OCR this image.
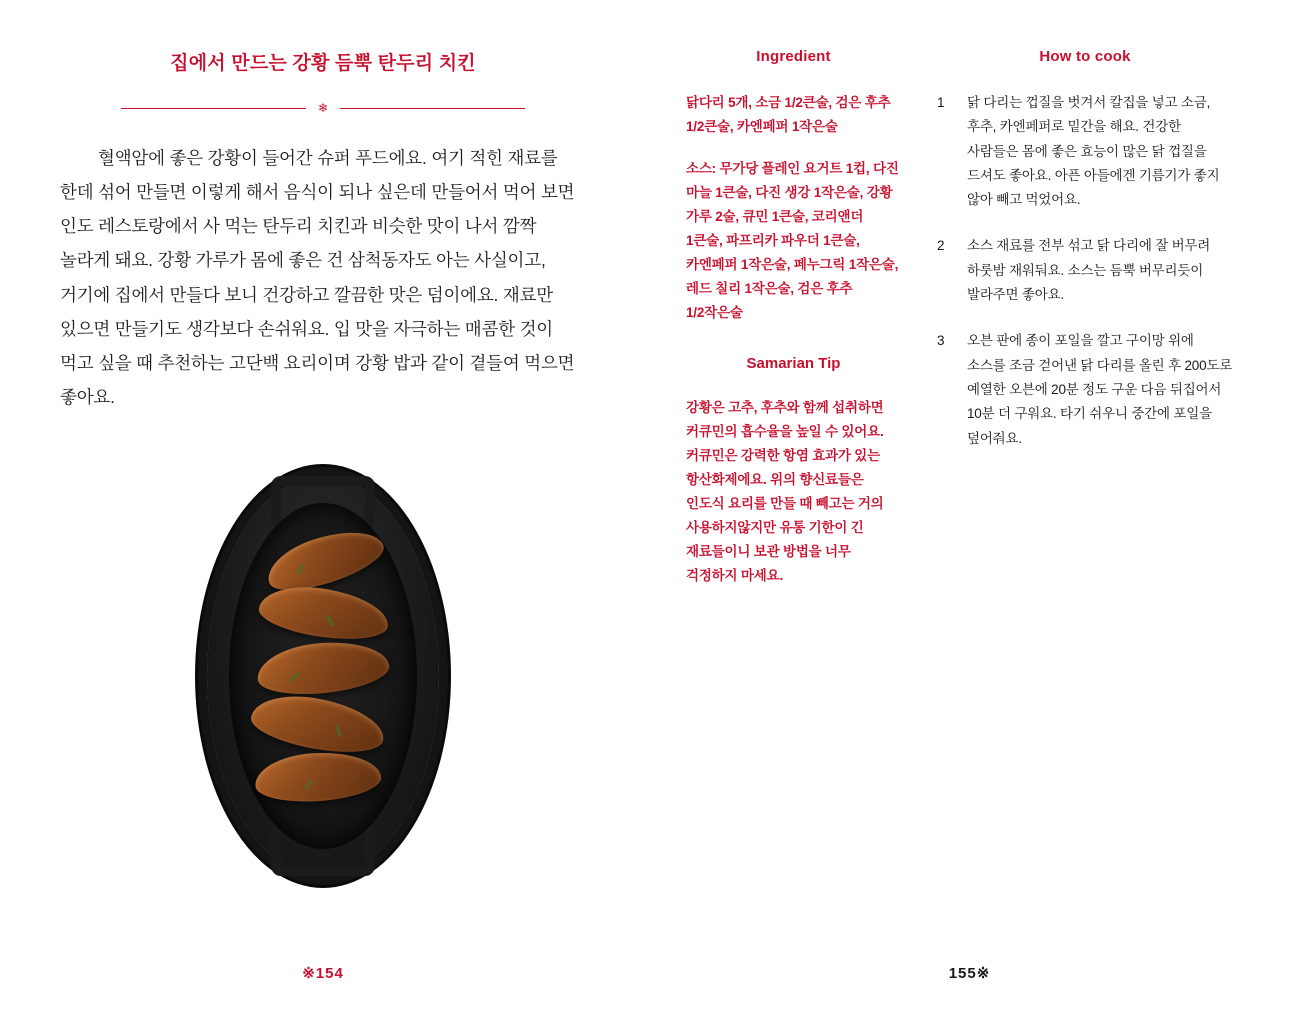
집에서 만드는 강황 듬뿍 탄두리 치킨
❄

혈액암에 좋은 강황이 들어간 슈퍼 푸드에요. 여기 적힌 재료를 한데 섞어 만들면 이렇게 해서 음식이 되나 싶은데 만들어서 먹어 보면 인도 레스토랑에서 사 먹는 탄두리 치킨과 비슷한 맛이 나서 깜짝 놀라게 돼요. 강황 가루가 몸에 좋은 건 삼척동자도 아는 사실이고, 거기에 집에서 만들다 보니 건강하고 깔끔한 맛은 덤이에요. 재료만 있으면 만들기도 생각보다 손쉬워요. 입 맛을 자극하는 매콤한 것이 먹고 싶을 때 추천하는 고단백 요리이며 강황 밥과 같이 곁들여 먹으면 좋아요.

※154
Ingredient
닭다리 5개, 소금 1/2큰술, 검은 후추 1/2큰술, 카엔페퍼 1작은술
소스: 무가당 플레인 요거트 1컵, 다진 마늘 1큰술, 다진 생강 1작은술, 강황 가루 2술, 큐민 1큰술, 코리앤더 1큰술, 파프리카 파우더 1큰술, 카엔페퍼 1작은술, 페누그릭 1작은술, 레드 칠리 1작은술, 검은 후추 1/2작은술
Samarian Tip
강황은 고추, 후추와 함께 섭취하면 커큐민의 흡수율을 높일 수 있어요. 커큐민은 강력한 항염 효과가 있는 항산화제에요. 위의 향신료들은 인도식 요리를 만들 때 빼고는 거의 사용하지않지만 유통 기한이 긴 재료들이니 보관 방법을 너무 걱정하지 마세요.
How to cook
1	닭 다리는 껍질을 벗겨서 칼집을 넣고 소금, 후추, 카엔페퍼로 밑간을 해요. 건강한 사람들은 몸에 좋은 효능이 많은 닭 껍질을 드셔도 좋아요. 아픈 아들에겐 기름기가 좋지 않아 빼고 먹었어요.
2	소스 재료를 전부 섞고 닭 다리에 잘 버무려 하룻밤 재워둬요. 소스는 듬뿍 버무리듯이 발라주면 좋아요.
3	오븐 판에 종이 포일을 깔고 구이망 위에 소스를 조금 걷어낸 닭 다리를 올린 후 200도로 예열한 오븐에 20분 정도 구운 다음 뒤집어서 10분 더 구워요. 타기 쉬우니 중간에 포일을 덮어줘요.
155※
